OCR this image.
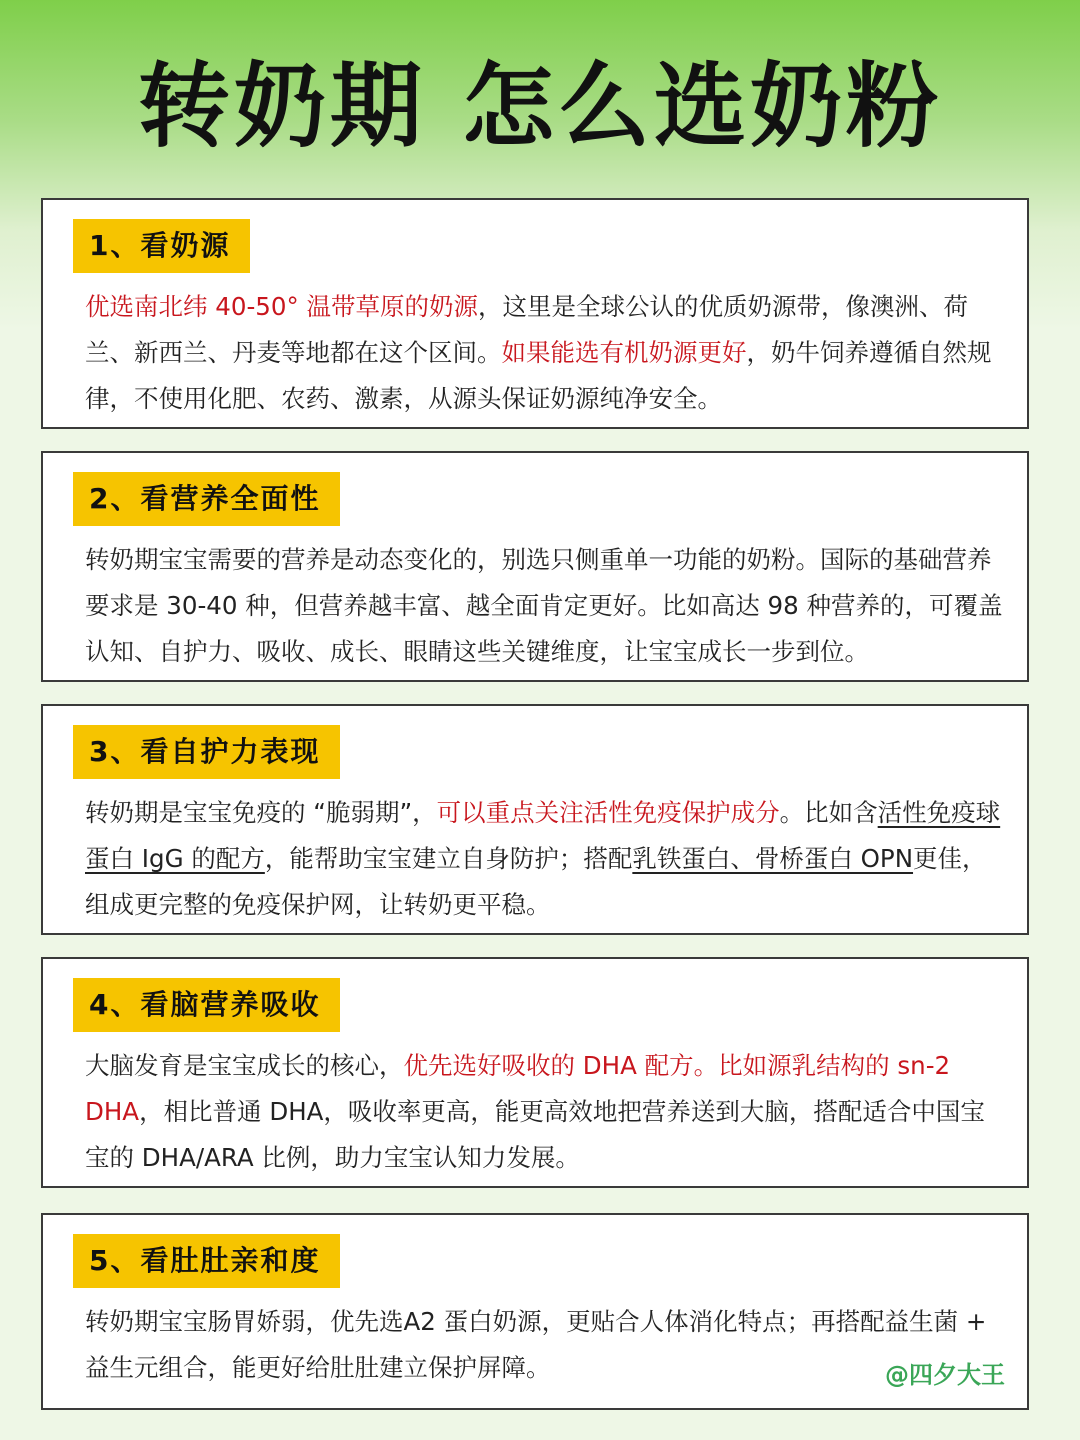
转奶期 怎么选奶粉
1、看奶源
优选南北纬 40-50° 温带草原的奶源，这里是全球公认的优质奶源带，像澳洲、荷兰、新西兰、丹麦等地都在这个区间。如果能选有机奶源更好，奶牛饲养遵循自然规律，不使用化肥、农药、激素，从源头保证奶源纯净安全。
2、看营养全面性
转奶期宝宝需要的营养是动态变化的，别选只侧重单一功能的奶粉。国际的基础营养要求是 30-40 种，但营养越丰富、越全面肯定更好。比如高达 98 种营养的，可覆盖认知、自护力、吸收、成长、眼睛这些关键维度，让宝宝成长一步到位。
3、看自护力表现
转奶期是宝宝免疫的 “脆弱期”，可以重点关注活性免疫保护成分。比如含活性免疫球蛋白 IgG 的配方，能帮助宝宝建立自身防护；搭配乳铁蛋白、骨桥蛋白 OPN更佳，组成更完整的免疫保护网，让转奶更平稳。
4、看脑营养吸收
大脑发育是宝宝成长的核心，优先选好吸收的 DHA 配方。比如源乳结构的 sn-2 DHA，相比普通 DHA，吸收率更高，能更高效地把营养送到大脑，搭配适合中国宝宝的 DHA/ARA 比例，助力宝宝认知力发展。
5、看肚肚亲和度
转奶期宝宝肠胃娇弱，优先选A2 蛋白奶源，更贴合人体消化特点；再搭配益生菌 + 益生元组合，能更好给肚肚建立保护屏障。	@四夕大王
